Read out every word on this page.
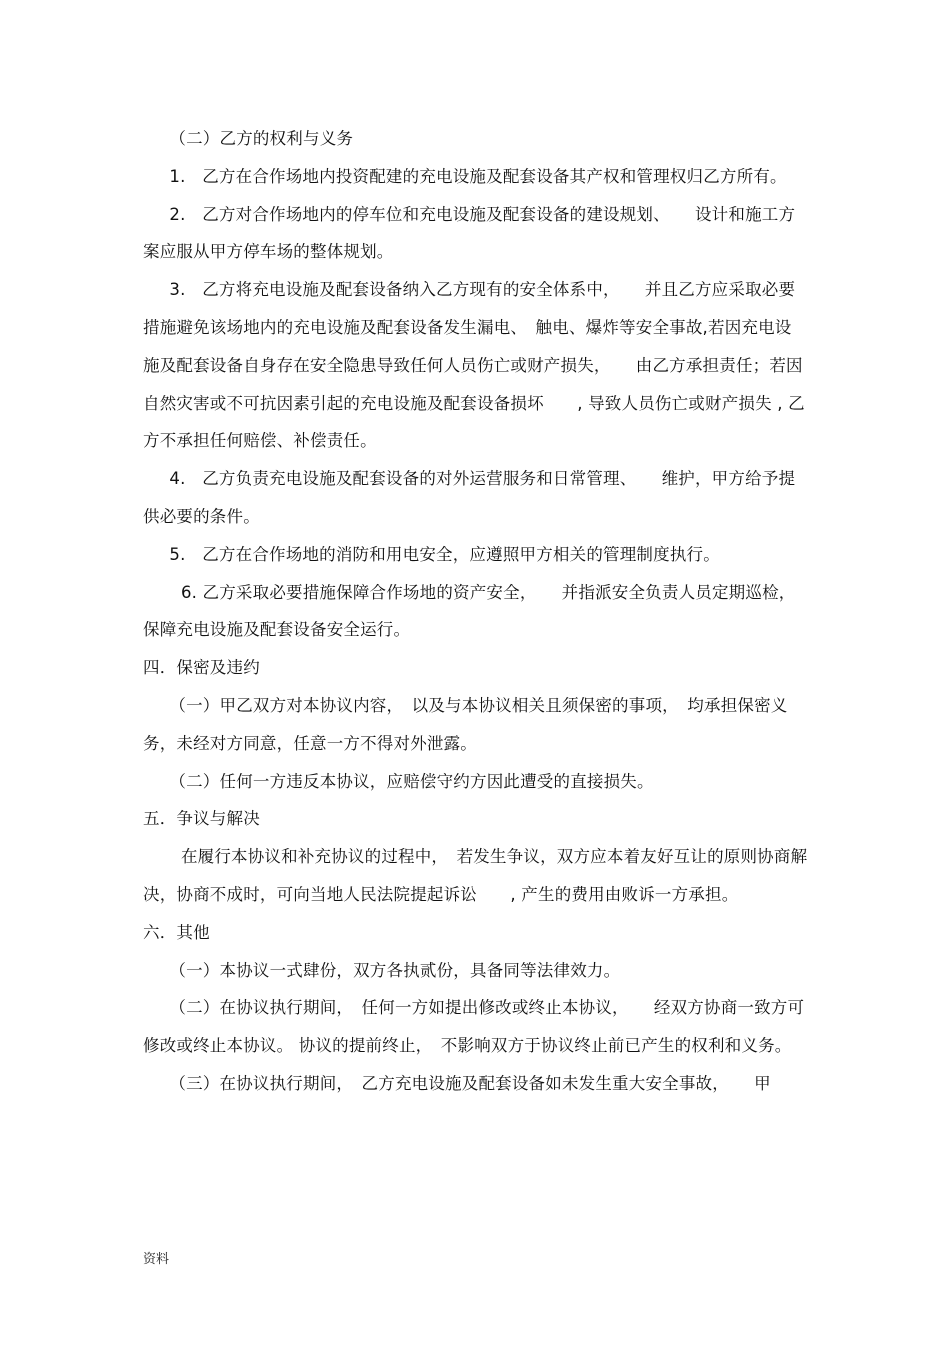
（二）乙方的权利与义务

1.　乙方在合作场地内投资配建的充电设施及配套设备其产权和管理权归乙方所有。

2.　乙方对合作场地内的停车位和充电设施及配套设备的建设规划、　　设计和施工方案应服从甲方停车场的整体规划。

3.　乙方将充电设施及配套设备纳入乙方现有的安全体系中，　　并且乙方应采取必要措施避免该场地内的充电设施及配套设备发生漏电、　触电、爆炸等安全事故,若因充电设施及配套设备自身存在安全隐患导致任何人员伤亡或财产损失，　　由乙方承担责任；若因自然灾害或不可抗因素引起的充电设施及配套设备损坏　　, 导致人员伤亡或财产损失 , 乙方不承担任何赔偿、补偿责任。

4.　乙方负责充电设施及配套设备的对外运营服务和日常管理、　　维护，甲方给予提供必要的条件。

5.　乙方在合作场地的消防和用电安全，应遵照甲方相关的管理制度执行。

6. 乙方采取必要措施保障合作场地的资产安全，　　并指派安全负责人员定期巡检，保障充电设施及配套设备安全运行。

四．保密及违约

（一）甲乙双方对本协议内容，　以及与本协议相关且须保密的事项，　均承担保密义务，未经对方同意，任意一方不得对外泄露。

（二）任何一方违反本协议，应赔偿守约方因此遭受的直接损失。

五．争议与解决

在履行本协议和补充协议的过程中，　若发生争议，双方应本着友好互让的原则协商解决，协商不成时，可向当地人民法院提起诉讼　　, 产生的费用由败诉一方承担。

六．其他

（一）本协议一式肆份，双方各执贰份，具备同等法律效力。

（二）在协议执行期间，　任何一方如提出修改或终止本协议，　　经双方协商一致方可修改或终止本协议。 协议的提前终止，　不影响双方于协议终止前已产生的权利和义务。

（三）在协议执行期间，　乙方充电设施及配套设备如未发生重大安全事故，　　甲

资料
